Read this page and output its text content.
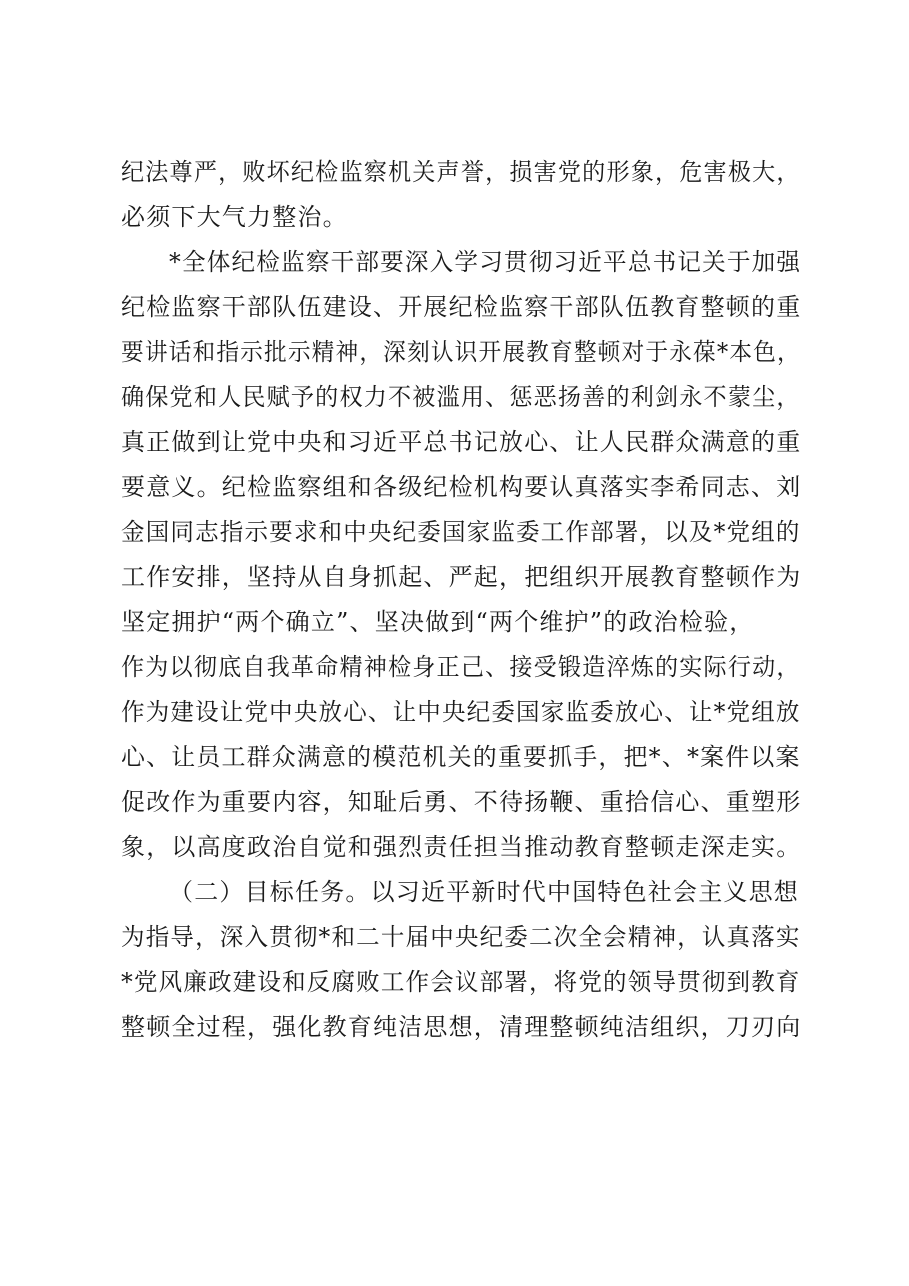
纪法尊严，败坏纪检监察机关声誉，损害党的形象，危害极大，
必须下大气力整治。
*全体纪检监察干部要深入学习贯彻习近平总书记关于加强
纪检监察干部队伍建设、开展纪检监察干部队伍教育整顿的重
要讲话和指示批示精神，深刻认识开展教育整顿对于永葆*本色，
确保党和人民赋予的权力不被滥用、惩恶扬善的利剑永不蒙尘，
真正做到让党中央和习近平总书记放心、让人民群众满意的重
要意义。纪检监察组和各级纪检机构要认真落实李希同志、刘
金国同志指示要求和中央纪委国家监委工作部署，以及*党组的
工作安排，坚持从自身抓起、严起，把组织开展教育整顿作为
坚定拥护“两个确立”、坚决做到“两个维护”的政治检验，
作为以彻底自我革命精神检身正己、接受锻造淬炼的实际行动，
作为建设让党中央放心、让中央纪委国家监委放心、让*党组放
心、让员工群众满意的模范机关的重要抓手，把*、*案件以案
促改作为重要内容，知耻后勇、不待扬鞭、重拾信心、重塑形
象，以高度政治自觉和强烈责任担当推动教育整顿走深走实。
（二）目标任务。以习近平新时代中国特色社会主义思想
为指导，深入贯彻*和二十届中央纪委二次全会精神，认真落实
*党风廉政建设和反腐败工作会议部署，将党的领导贯彻到教育
整顿全过程，强化教育纯洁思想，清理整顿纯洁组织，刀刃向
